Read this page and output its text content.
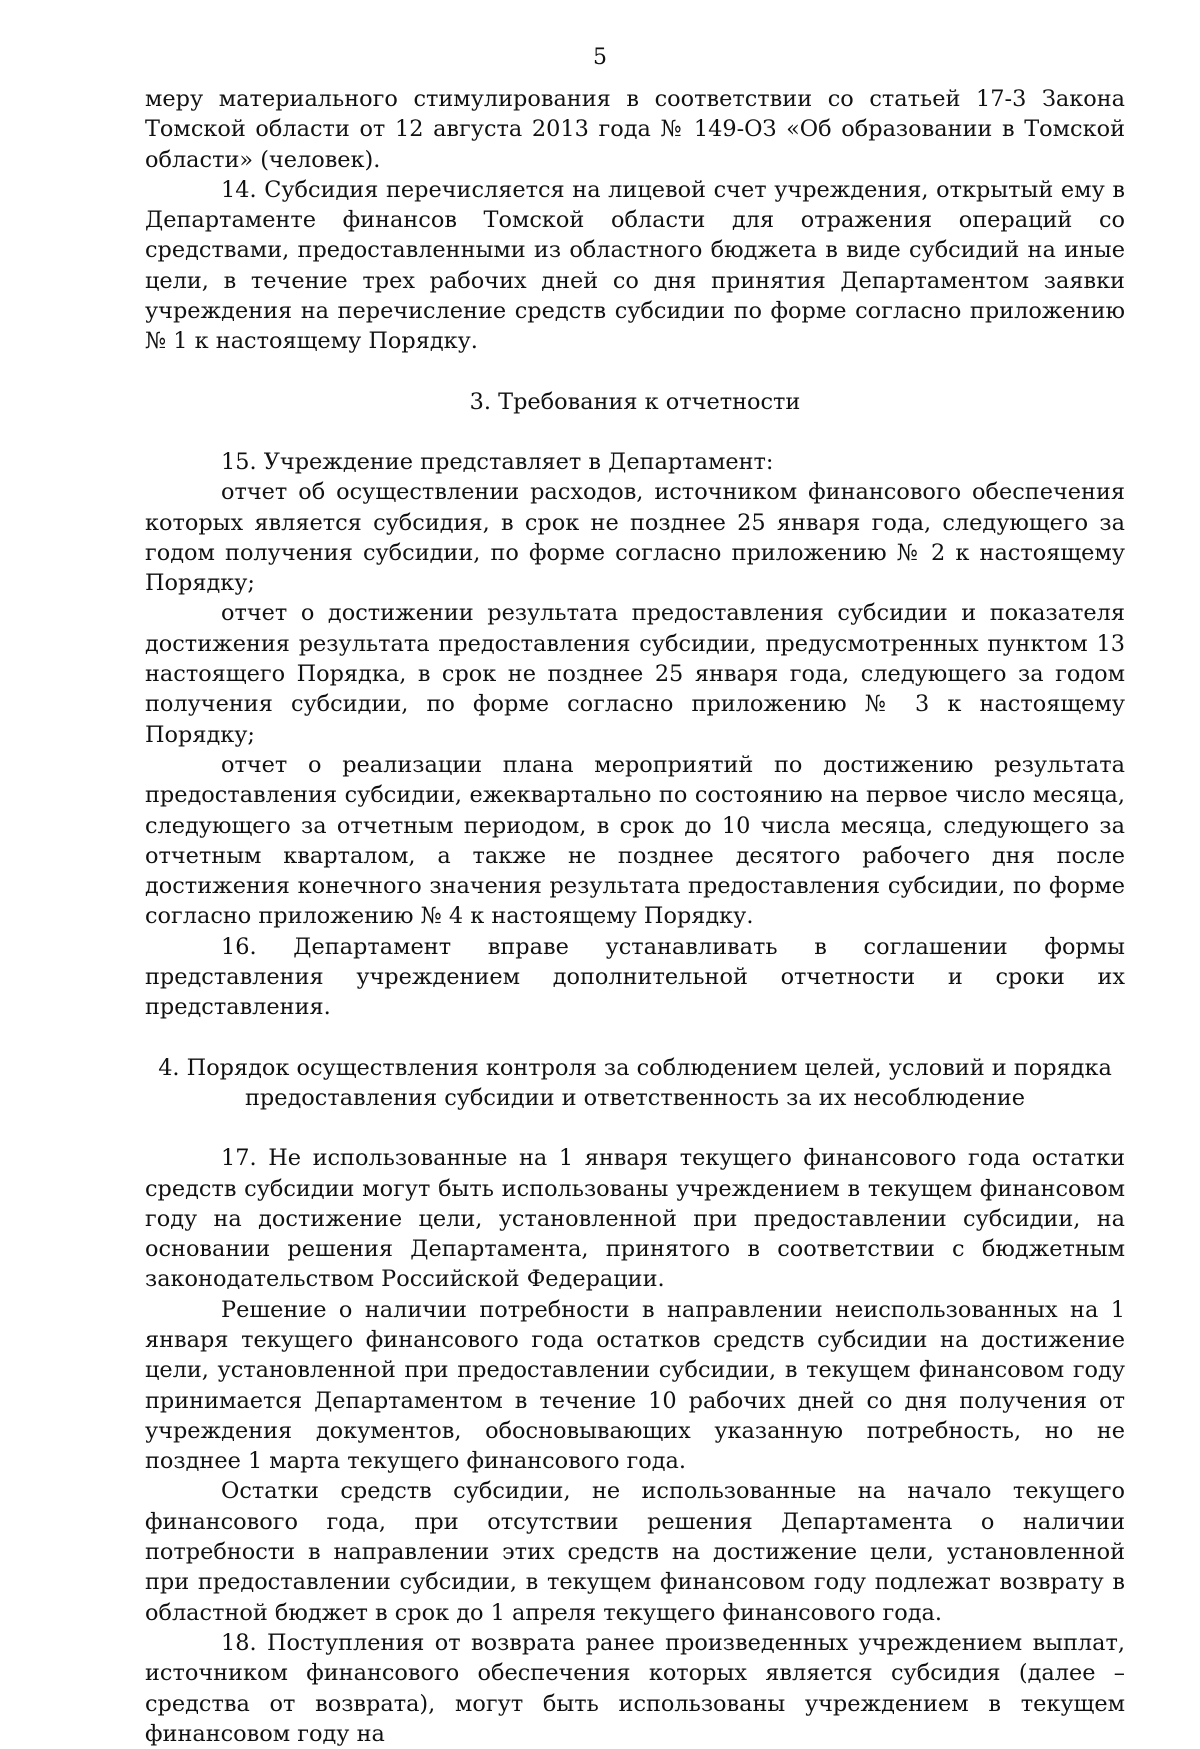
5

меру материального стимулирования в соответствии со статьей 17-3 Закона Томской области от 12 августа 2013 года № 149-ОЗ «Об образовании в Томской области» (человек).

14. Субсидия перечисляется на лицевой счет учреждения, открытый ему в Департаменте финансов Томской области для отражения операций со средствами, предоставленными из областного бюджета в виде субсидий на иные цели, в течение трех рабочих дней со дня принятия Департаментом заявки учреждения на перечисление средств субсидии по форме согласно приложению № 1 к настоящему Порядку.

3. Требования к отчетности

15. Учреждение представляет в Департамент:

отчет об осуществлении расходов, источником финансового обеспечения которых является субсидия, в срок не позднее 25 января года, следующего за годом получения субсидии, по форме согласно приложению № 2 к настоящему Порядку;

отчет о достижении результата предоставления субсидии и показателя достижения результата предоставления субсидии, предусмотренных пунктом 13 настоящего Порядка, в срок не позднее 25 января года, следующего за годом получения субсидии, по форме согласно приложению № 3 к настоящему Порядку;

отчет о реализации плана мероприятий по достижению результата предоставления субсидии, ежеквартально по состоянию на первое число месяца, следующего за отчетным периодом, в срок до 10 числа месяца, следующего за отчетным кварталом, а также не позднее десятого рабочего дня после достижения конечного значения результата предоставления субсидии, по форме согласно приложению № 4 к настоящему Порядку.

16. Департамент вправе устанавливать в соглашении формы представления учреждением дополнительной отчетности и сроки их представления.

4. Порядок осуществления контроля за соблюдением целей, условий и порядка

предоставления субсидии и ответственность за их несоблюдение

17. Не использованные на 1 января текущего финансового года остатки средств субсидии могут быть использованы учреждением в текущем финансовом году на достижение цели, установленной при предоставлении субсидии, на основании решения Департамента, принятого в соответствии с бюджетным законодательством Российской Федерации.

Решение о наличии потребности в направлении неиспользованных на 1 января текущего финансового года остатков средств субсидии на достижение цели, установленной при предоставлении субсидии, в текущем финансовом году принимается Департаментом в течение 10 рабочих дней со дня получения от учреждения документов, обосновывающих указанную потребность, но не позднее 1 марта текущего финансового года.

Остатки средств субсидии, не использованные на начало текущего финансового года, при отсутствии решения Департамента о наличии потребности в направлении этих средств на достижение цели, установленной при предоставлении субсидии, в текущем финансовом году подлежат возврату в областной бюджет в срок до 1 апреля текущего финансового года.

18. Поступления от возврата ранее произведенных учреждением выплат, источником финансового обеспечения которых является субсидия (далее – средства от возврата), могут быть использованы учреждением в текущем финансовом году на
